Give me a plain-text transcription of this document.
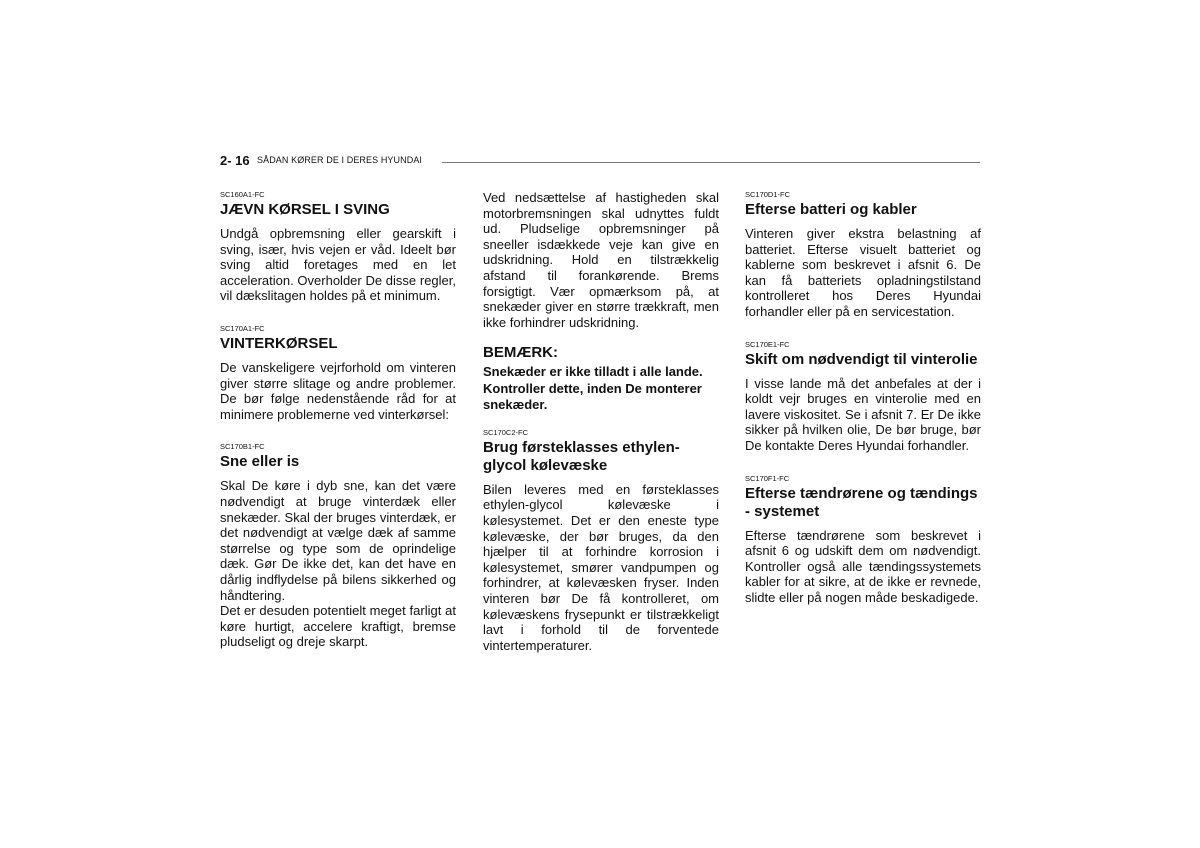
2- 16 SÅDAN KØRER DE I DERES HYUNDAI
SC160A1-FC
JÆVN KØRSEL I SVING

Undgå opbremsning eller gearskift i sving, især, hvis vejen er våd. Ideelt bør sving altid foretages med en let acceleration. Overholder De disse regler, vil dækslitagen holdes på et minimum.

SC170A1-FC
VINTERKØRSEL

De vanskeligere vejrforhold om vinteren giver større slitage og andre problemer. De bør følge nedenstående råd for at minimere problemerne ved vinterkørsel:

SC170B1-FC
Sne eller is

Skal De køre i dyb sne, kan det være nødvendigt at bruge vinterdæk eller snekæder. Skal der bruges vinterdæk, er det nødvendigt at vælge dæk af samme størrelse og type som de oprindelige dæk. Gør De ikke det, kan det have en dårlig indflydelse på bilens sikkerhed og håndtering.

Det er desuden potentielt meget farligt at køre hurtigt, accelere kraftigt, bremse pludseligt og dreje skarpt.

Ved nedsættelse af hastigheden skal motorbremsningen skal udnyttes fuldt ud. Pludselige opbremsninger på sneeller isdækkede veje kan give en udskridning. Hold en tilstrækkelig afstand til forankørende. Brems forsigtigt. Vær opmærksom på, at snekæder giver en større trækkraft, men ikke forhindrer udskridning.

BEMÆRK:

Snekæder er ikke tilladt i alle lande. Kontroller dette, inden De monterer snekæder.

SC170C2-FC
Brug førsteklasses ethylen-glycol kølevæske

Bilen leveres med en førsteklasses ethylen-glycol kølevæske i kølesystemet. Det er den eneste type kølevæske, der bør bruges, da den hjælper til at forhindre korrosion i kølesystemet, smører vandpumpen og forhindrer, at kølevæsken fryser. Inden vinteren bør De få kontrolleret, om kølevæskens frysepunkt er tilstrækkeligt lavt i forhold til de forventede vintertemperaturer.

SC170D1-FC
Efterse batteri og kabler

Vinteren giver ekstra belastning af batteriet. Efterse visuelt batteriet og kablerne som beskrevet i afsnit 6. De kan få batteriets opladningstilstand kontrolleret hos Deres Hyundai forhandler eller på en servicestation.

SC170E1-FC
Skift om nødvendigt til vinterolie

I visse lande må det anbefales at der i koldt vejr bruges en vinterolie med en lavere viskositet. Se i afsnit 7. Er De ikke sikker på hvilken olie, De bør bruge, bør De kontakte Deres Hyundai forhandler.

SC170F1-FC
Efterse tændrørene og tændings - systemet

Efterse tændrørene som beskrevet i afsnit 6 og udskift dem om nødvendigt. Kontroller også alle tændingssystemets kabler for at sikre, at de ikke er revnede, slidte eller på nogen måde beskadigede.
